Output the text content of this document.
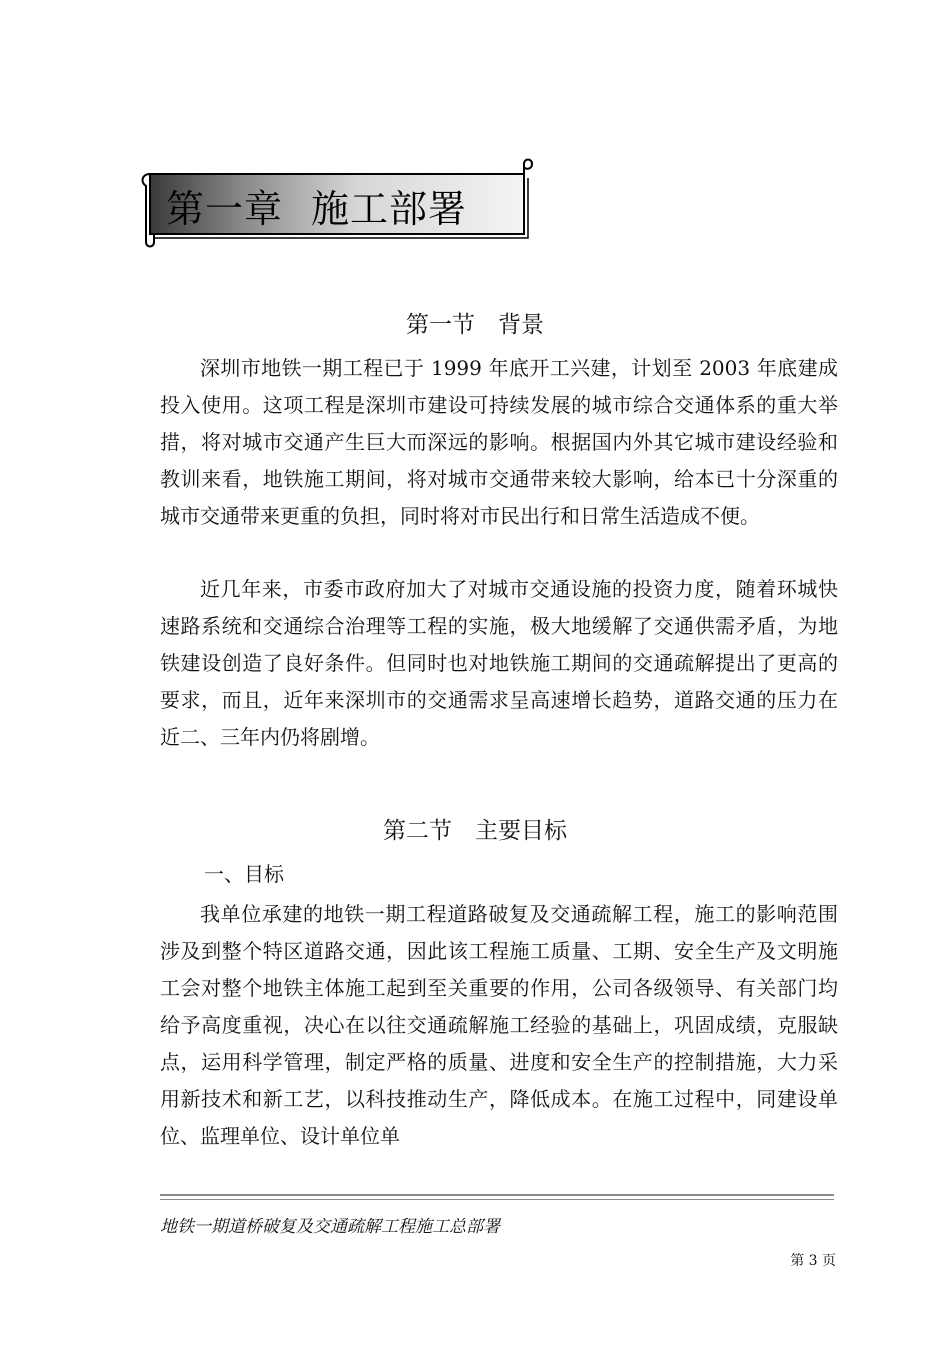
第一章 施工部署
第一节　背景

深圳市地铁一期工程已于 1999 年底开工兴建，计划至 2003 年底建成投入使用。这项工程是深圳市建设可持续发展的城市综合交通体系的重大举措，将对城市交通产生巨大而深远的影响。根据国内外其它城市建设经验和教训来看，地铁施工期间，将对城市交通带来较大影响，给本已十分深重的城市交通带来更重的负担，同时将对市民出行和日常生活造成不便。

近几年来，市委市政府加大了对城市交通设施的投资力度，随着环城快速路系统和交通综合治理等工程的实施，极大地缓解了交通供需矛盾，为地铁建设创造了良好条件。但同时也对地铁施工期间的交通疏解提出了更高的要求，而且，近年来深圳市的交通需求呈高速增长趋势，道路交通的压力在近二、三年内仍将剧增。

第二节　主要目标
一、目标

我单位承建的地铁一期工程道路破复及交通疏解工程，施工的影响范围涉及到整个特区道路交通，因此该工程施工质量、工期、安全生产及文明施工会对整个地铁主体施工起到至关重要的作用，公司各级领导、有关部门均给予高度重视，决心在以往交通疏解施工经验的基础上，巩固成绩，克服缺点，运用科学管理，制定严格的质量、进度和安全生产的控制措施，大力采用新技术和新工艺，以科技推动生产，降低成本。在施工过程中，同建设单位、监理单位、设计单位单

地铁一期道桥破复及交通疏解工程施工总部署
第 3 页
